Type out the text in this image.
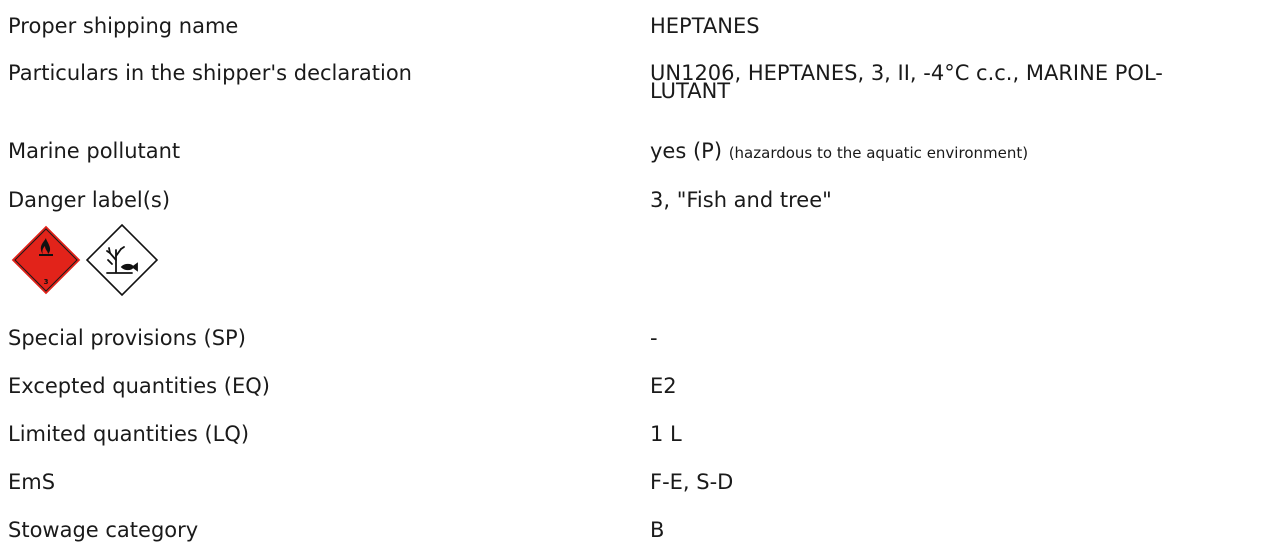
Proper shipping name	HEPTANES
Particulars in the shipper's declaration	UN1206, HEPTANES, 3, II, -4°C c.c., MARINE POL-
LUTANT
Marine pollutant	yes (P) (hazardous to the aquatic environment)
Danger label(s)	3, "Fish and tree"
3
Special provisions (SP)	-
Excepted quantities (EQ)	E2
Limited quantities (LQ)	1 L
EmS	F-E, S-D
Stowage category	B
